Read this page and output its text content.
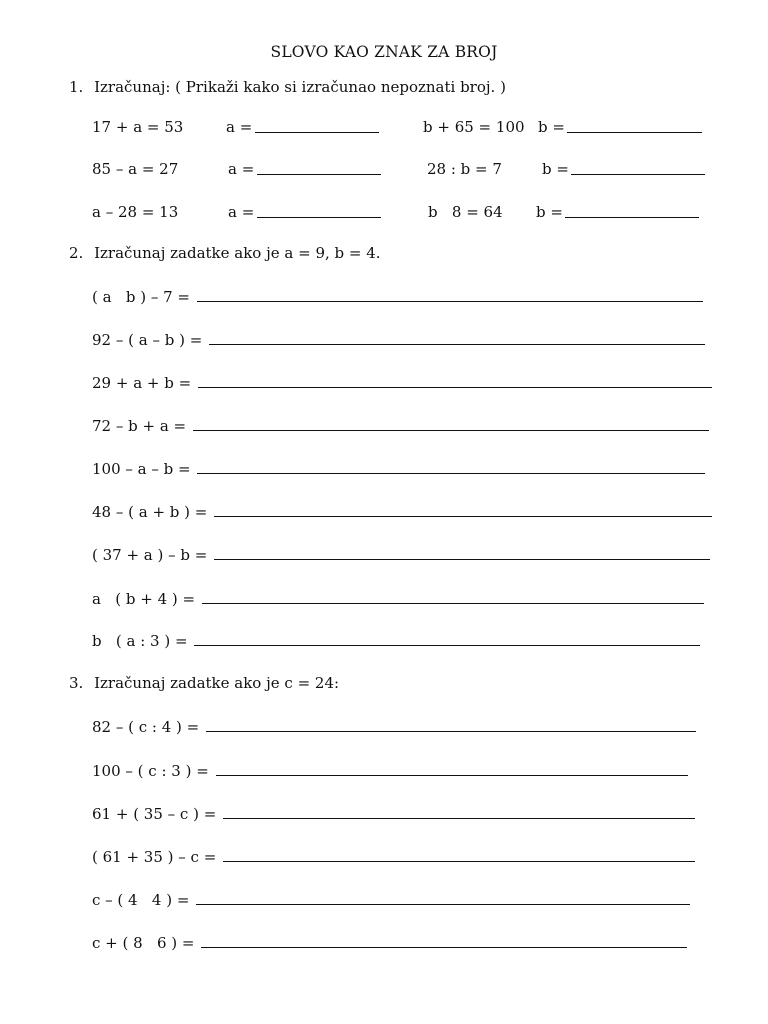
SLOVO KAO ZNAK ZA BROJ
1. Izračunaj: ( Prikaži kako si izračunao nepoznati broj. )
17 + a = 53	a =	b + 65 = 100 b =
85 – a = 27	a =	28 : b = 7	b =
a – 28 = 13	a =	b   8 = 64 b =
2. Izračunaj zadatke ako je a = 9, b = 4.
( a   b ) – 7 =
92 – ( a – b ) =
29 + a + b =
72 – b + a =
100 – a – b =
48 – ( a + b ) =
( 37 + a ) – b =
a   ( b + 4 ) =
b   ( a : 3 ) =
3. Izračunaj zadatke ako je c = 24:
82 – ( c : 4 ) =
100 – ( c : 3 ) =
61 + ( 35 – c ) =
( 61 + 35 ) – c =
c – ( 4   4 ) =
c + ( 8   6 ) =
